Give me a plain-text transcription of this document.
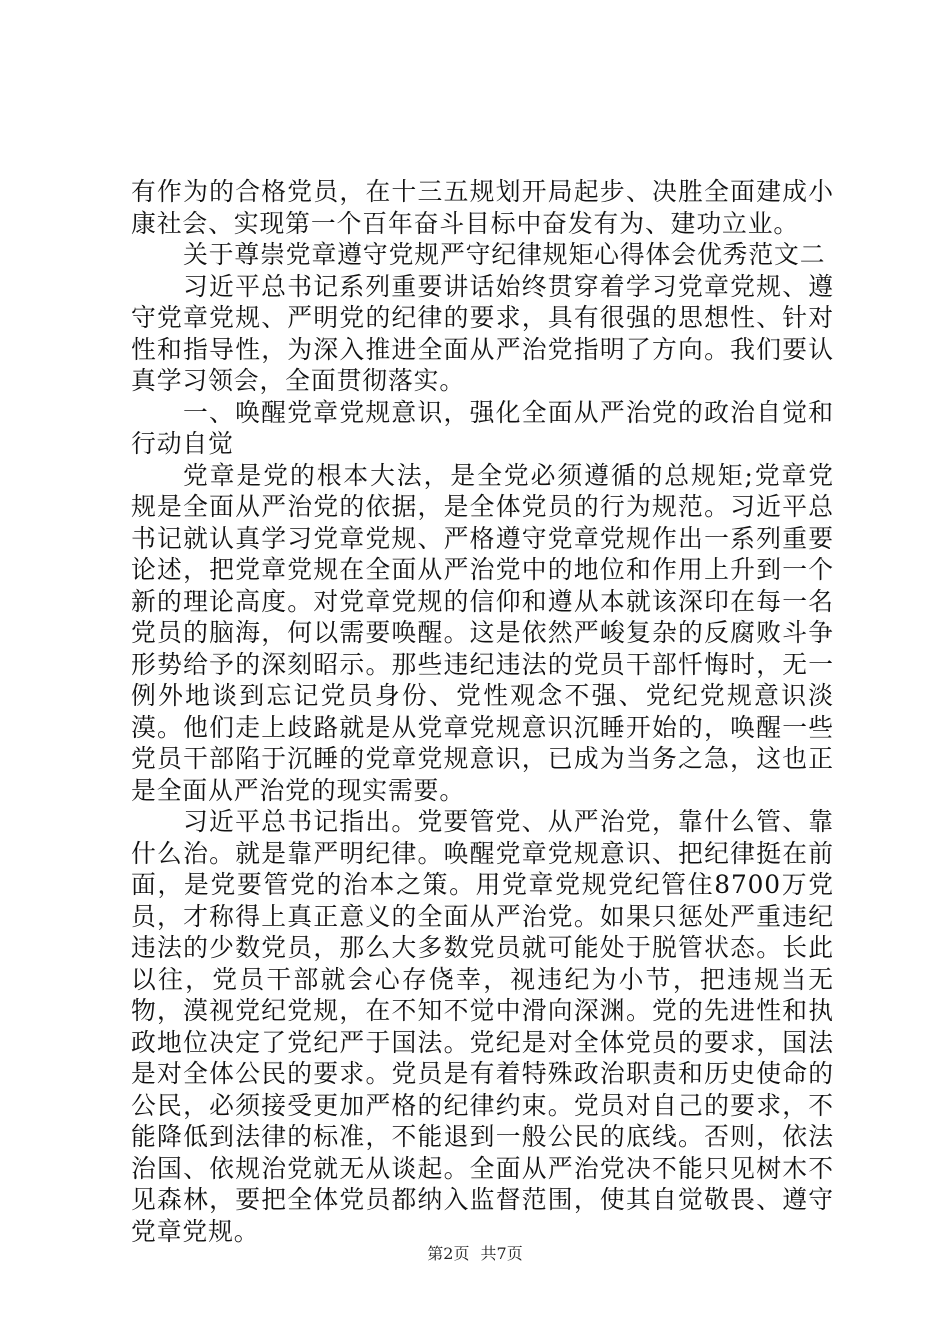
有作为的合格党员，在十三五规划开局起步、决胜全面建成小康社会、实现第一个百年奋斗目标中奋发有为、建功立业。

关于尊崇党章遵守党规严守纪律规矩心得体会优秀范文二

习近平总书记系列重要讲话始终贯穿着学习党章党规、遵守党章党规、严明党的纪律的要求，具有很强的思想性、针对性和指导性，为深入推进全面从严治党指明了方向。我们要认真学习领会，全面贯彻落实。

一、唤醒党章党规意识，强化全面从严治党的政治自觉和行动自觉

党章是党的根本大法，是全党必须遵循的总规矩;党章党规是全面从严治党的依据，是全体党员的行为规范。习近平总书记就认真学习党章党规、严格遵守党章党规作出一系列重要论述，把党章党规在全面从严治党中的地位和作用上升到一个新的理论高度。对党章党规的信仰和遵从本就该深印在每一名党员的脑海，何以需要唤醒。这是依然严峻复杂的反腐败斗争形势给予的深刻昭示。那些违纪违法的党员干部忏悔时，无一例外地谈到忘记党员身份、党性观念不强、党纪党规意识淡漠。他们走上歧路就是从党章党规意识沉睡开始的，唤醒一些党员干部陷于沉睡的党章党规意识，已成为当务之急，这也正是全面从严治党的现实需要。

习近平总书记指出。党要管党、从严治党，靠什么管、靠什么治。就是靠严明纪律。唤醒党章党规意识、把纪律挺在前面，是党要管党的治本之策。用党章党规党纪管住8700万党员，才称得上真正意义的全面从严治党。如果只惩处严重违纪违法的少数党员，那么大多数党员就可能处于脱管状态。长此以往，党员干部就会心存侥幸，视违纪为小节，把违规当无物，漠视党纪党规，在不知不觉中滑向深渊。党的先进性和执政地位决定了党纪严于国法。党纪是对全体党员的要求，国法是对全体公民的要求。党员是有着特殊政治职责和历史使命的公民，必须接受更加严格的纪律约束。党员对自己的要求，不能降低到法律的标准，不能退到一般公民的底线。否则，依法治国、依规治党就无从谈起。全面从严治党决不能只见树木不见森林，要把全体党员都纳入监督范围，使其自觉敬畏、遵守党章党规。

第2页 共7页
